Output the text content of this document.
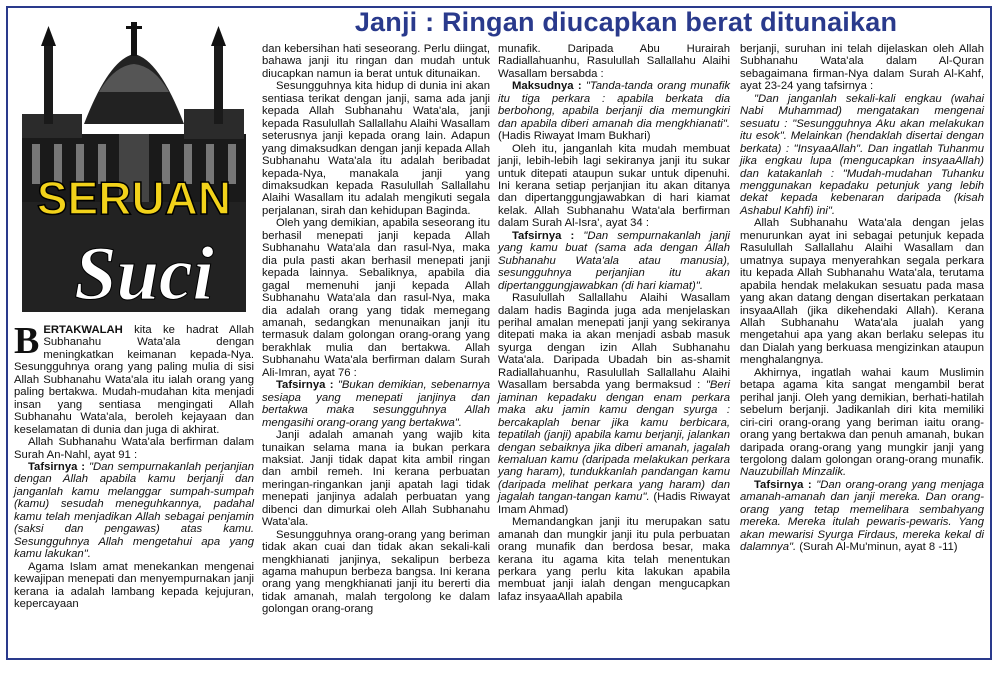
Janji : Ringan diucapkan berat ditunaikan
SERUAN
Suci

BERTAKWALAH kita ke hadrat Allah Subhanahu Wata'ala dengan meningkatkan keimanan kepada-Nya. Sesungguhnya orang yang paling mulia di sisi Allah Subhanahu Wata'ala itu ialah orang yang paling bertakwa. Mudah-mudahan kita menjadi insan yang sentiasa mengingati Allah Subhanahu Wata'ala, beroleh kejayaan dan keselamatan di dunia dan juga di akhirat.

Allah Subhanahu Wata'ala berfirman dalam Surah An-Nahl, ayat 91 :

Tafsirnya : "Dan sempurnakanlah perjanjian dengan Allah apabila kamu berjanji dan janganlah kamu melanggar sumpah-sumpah (kamu) sesudah meneguhkannya, padahal kamu telah menjadikan Allah sebagai penjamin (saksi dan pengawas) atas kamu. Sesungguhnya Allah mengetahui apa yang kamu lakukan".

Agama Islam amat menekankan mengenai kewajipan menepati dan menyempurnakan janji kerana ia adalah lambang kepada kejujuran, kepercayaan

dan kebersihan hati seseorang. Perlu diingat, bahawa janji itu ringan dan mudah untuk diucapkan namun ia berat untuk ditunaikan.

Sesungguhnya kita hidup di dunia ini akan sentiasa terikat dengan janji, sama ada janji kepada Allah Subhanahu Wata'ala, janji kepada Rasulullah Sallallahu Alaihi Wasallam seterusnya janji kepada orang lain. Adapun yang dimaksudkan dengan janji kepada Allah Subhanahu Wata'ala itu adalah beribadat kepada-Nya, manakala janji yang dimaksudkan kepada Rasulullah Sallallahu Alaihi Wasallam itu adalah mengikuti segala perjalanan, sirah dan kehidupan Baginda.

Oleh yang demikian, apabila seseorang itu berhasil menepati janji kepada Allah Subhanahu Wata'ala dan rasul-Nya, maka dia pula pasti akan berhasil menepati janji kepada lainnya. Sebaliknya, apabila dia gagal memenuhi janji kepada Allah Subhanahu Wata'ala dan rasul-Nya, maka dia adalah orang yang tidak memegang amanah, sedangkan menunaikan janji itu termasuk dalam golongan orang-orang yang berakhlak mulia dan bertakwa. Allah Subhanahu Wata'ala berfirman dalam Surah Ali-Imran, ayat 76 :

Tafsirnya : "Bukan demikian, sebenarnya sesiapa yang menepati janjinya dan bertakwa maka sesungguhnya Allah mengasihi orang-orang yang bertakwa".

Janji adalah amanah yang wajib kita tunaikan selama mana ia bukan perkara maksiat. Janji tidak dapat kita ambil ringan dan ambil remeh. Ini kerana perbuatan meringan-ringankan janji apatah lagi tidak menepati janjinya adalah perbuatan yang dibenci dan dimurkai oleh Allah Subhanahu Wata'ala.

Sesungguhnya orang-orang yang beriman tidak akan cuai dan tidak akan sekali-kali mengkhianati janjinya, sekalipun berbeza agama mahupun berbeza bangsa. Ini kerana orang yang mengkhianati janji itu bererti dia tidak amanah, malah tergolong ke dalam golongan orang-orang

munafik. Daripada Abu Hurairah Radiallahuanhu, Rasulullah Sallallahu Alaihi Wasallam bersabda :

Maksudnya : "Tanda-tanda orang munafik itu tiga perkara : apabila berkata dia berbohong, apabila berjanji dia memungkiri dan apabila diberi amanah dia mengkhianati". (Hadis Riwayat Imam Bukhari)

Oleh itu, janganlah kita mudah membuat janji, lebih-lebih lagi sekiranya janji itu sukar untuk ditepati ataupun sukar untuk dipenuhi. Ini kerana setiap perjanjian itu akan ditanya dan dipertanggungjawabkan di hari kiamat kelak. Allah Subhanahu Wata'ala berfirman dalam Surah Al-Isra', ayat 34 :

Tafsirnya : "Dan sempurnakanlah janji yang kamu buat (sama ada dengan Allah Subhanahu Wata'ala atau manusia), sesungguhnya perjanjian itu akan dipertanggungjawabkan (di hari kiamat)".

Rasulullah Sallallahu Alaihi Wasallam dalam hadis Baginda juga ada menjelaskan perihal amalan menepati janji yang sekiranya ditepati maka ia akan menjadi asbab masuk syurga dengan izin Allah Subhanahu Wata'ala. Daripada Ubadah bin as-shamit Radiallahuanhu, Rasulullah Sallallahu Alaihi Wasallam bersabda yang bermaksud : "Beri jaminan kepadaku dengan enam perkara maka aku jamin kamu dengan syurga : bercakaplah benar jika kamu berbicara, tepatilah (janji) apabila kamu berjanji, jalankan dengan sebaiknya jika diberi amanah, jagalah kemaluan kamu (daripada melakukan perkara yang haram), tundukkanlah pandangan kamu (daripada melihat perkara yang haram) dan jagalah tangan-tangan kamu". (Hadis Riwayat Imam Ahmad)

Memandangkan janji itu merupakan satu amanah dan mungkir janji itu pula perbuatan orang munafik dan berdosa besar, maka kerana itu agama kita telah menentukan perkara yang perlu kita lakukan apabila membuat janji ialah dengan mengucapkan lafaz insyaaAllah apabila

berjanji, suruhan ini telah dijelaskan oleh Allah Subhanahu Wata'ala dalam Al-Quran sebagaimana firman-Nya dalam Surah Al-Kahf, ayat 23-24 yang tafsirnya :

"Dan janganlah sekali-kali engkau (wahai Nabi Muhammad) mengatakan mengenai sesuatu : "Sesungguhnya Aku akan melakukan itu esok". Melainkan (hendaklah disertai dengan berkata) : "InsyaaAllah". Dan ingatlah Tuhanmu jika engkau lupa (mengucapkan insyaaAllah) dan katakanlah : "Mudah-mudahan Tuhanku menggunakan kepadaku petunjuk yang lebih dekat kepada kebenaran daripada (kisah Ashabul Kahfi) ini".

Allah Subhanahu Wata'ala dengan jelas menurunkan ayat ini sebagai petunjuk kepada Rasulullah Sallallahu Alaihi Wasallam dan umatnya supaya menyerahkan segala perkara itu kepada Allah Subhanahu Wata'ala, terutama apabila hendak melakukan sesuatu pada masa yang akan datang dengan disertakan perkataan insyaaAllah (jika dikehendaki Allah). Kerana Allah Subhanahu Wata'ala jualah yang mengetahui apa yang akan berlaku selepas itu dan Dialah yang berkuasa mengizinkan ataupun menghalangnya.

Akhirnya, ingatlah wahai kaum Muslimin betapa agama kita sangat mengambil berat perihal janji. Oleh yang demikian, berhati-hatilah sebelum berjanji. Jadikanlah diri kita memiliki ciri-ciri orang-orang yang beriman iaitu orang-orang yang bertakwa dan penuh amanah, bukan daripada orang-orang yang mungkir janji yang tergolong dalam golongan orang-orang munafik. Nauzubillah Minzalik.

Tafsirnya : "Dan orang-orang yang menjaga amanah-amanah dan janji mereka. Dan orang-orang yang tetap memelihara sembahyang mereka. Mereka itulah pewaris-pewaris. Yang akan mewarisi Syurga Firdaus, mereka kekal di dalamnya". (Surah Al-Mu'minun, ayat 8 -11)
